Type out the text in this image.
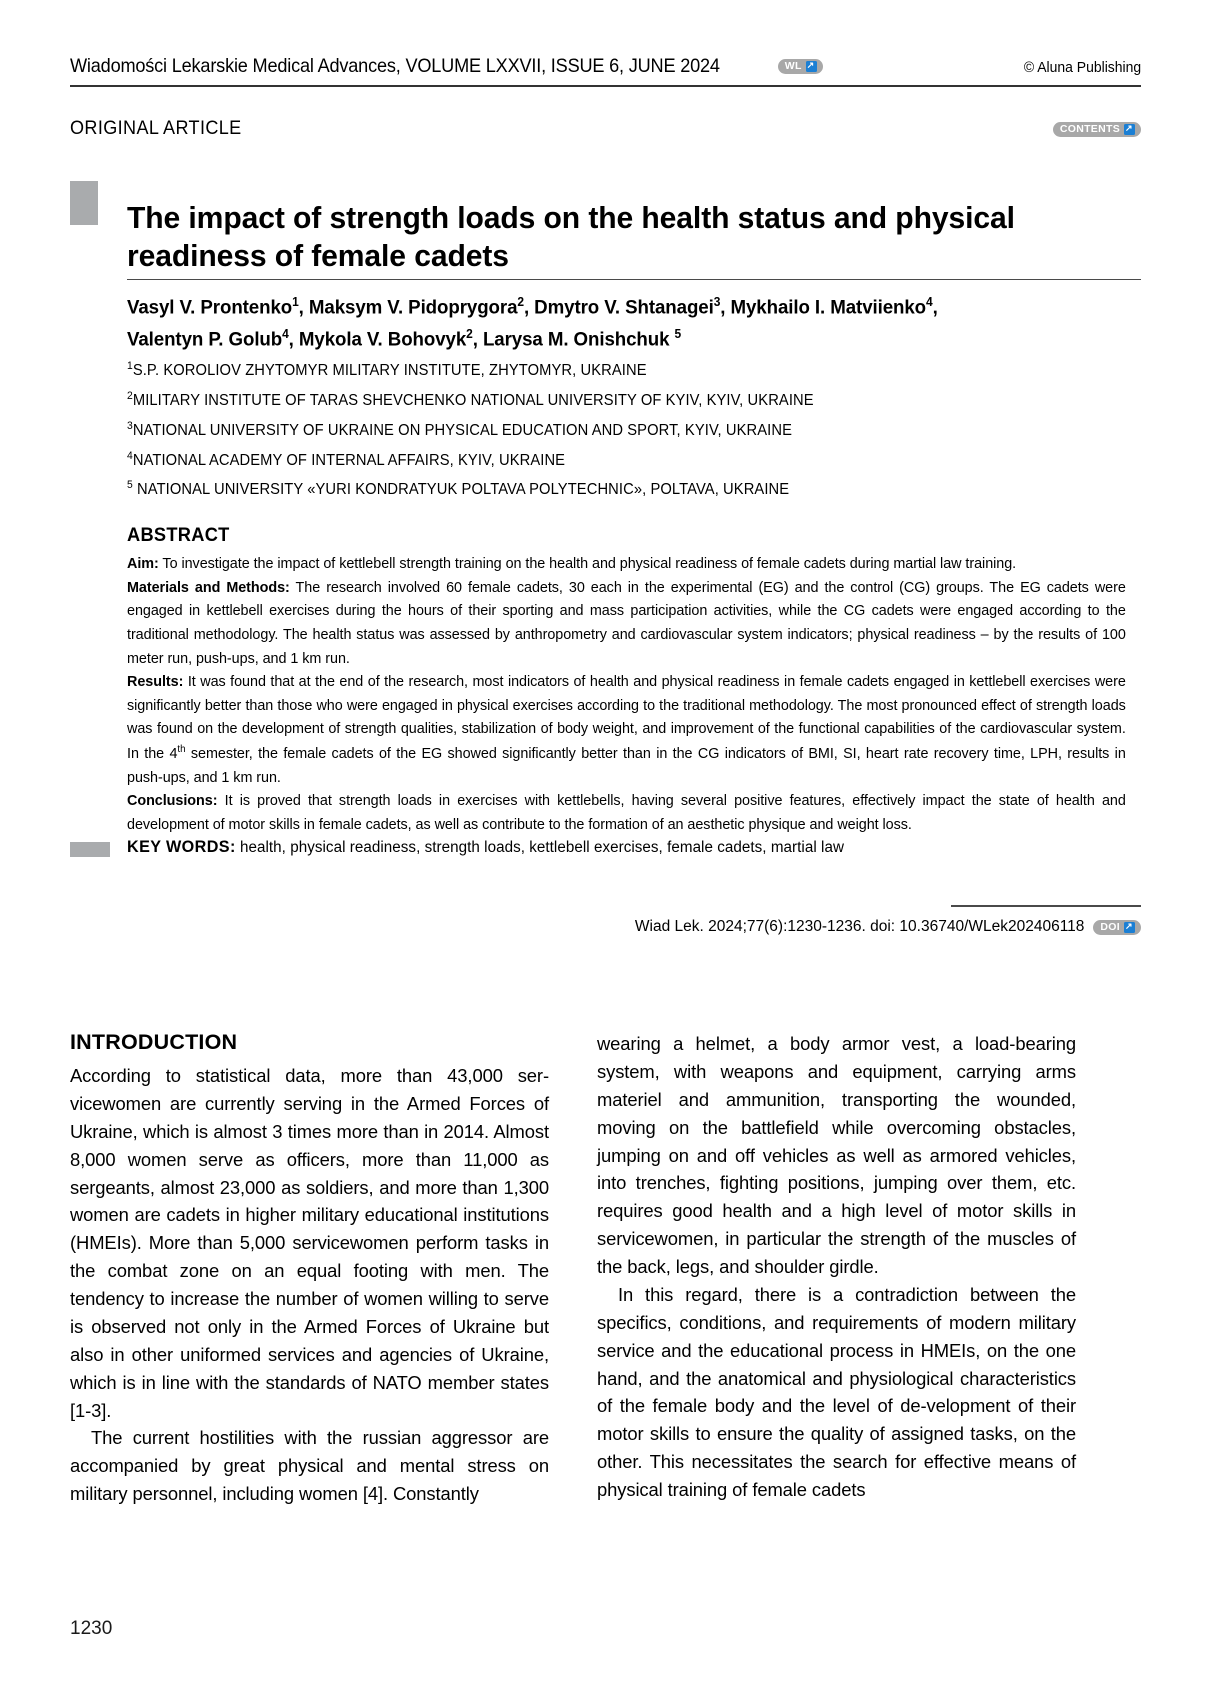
Wiadomości Lekarskie Medical Advances, VOLUME LXXVII, ISSUE 6, JUNE 2024	WL ↗	© Aluna Publishing
ORIGINAL ARTICLE	CONTENTS
↗
The impact of strength loads on the health status and physical readiness of female cadets
Vasyl V. Prontenko$^1$, Maksym V. Pidoprygora$^2$, Dmytro V. Shtanagei$^3$, Mykhailo I. Matviienko$^4$,
Valentyn P. Golub$^4$, Mykola V. Bohovyk$^2$, Larysa M. Onishchuk $^5$
$^1$S.P. KOROLIOV ZHYTOMYR MILITARY INSTITUTE, ZHYTOMYR, UKRAINE
$^2$MILITARY INSTITUTE OF TARAS SHEVCHENKO NATIONAL UNIVERSITY OF KYIV, KYIV, UKRAINE
$^3$NATIONAL UNIVERSITY OF UKRAINE ON PHYSICAL EDUCATION AND SPORT, KYIV, UKRAINE
$^4$NATIONAL ACADEMY OF INTERNAL AFFAIRS, KYIV, UKRAINE
$^5$ NATIONAL UNIVERSITY «YURI KONDRATYUK POLTAVA POLYTECHNIC», POLTAVA, UKRAINE
ABSTRACT

Aim: To investigate the impact of kettlebell strength training on the health and physical readiness of female cadets during martial law training.

Materials and Methods: The research involved 60 female cadets, 30 each in the experimental (EG) and the control (CG) groups. The EG cadets were engaged in kettlebell exercises during the hours of their sporting and mass participation activities, while the CG cadets were engaged according to the traditional methodology. The health status was assessed by anthropometry and cardiovascular system indicators; physical readiness – by the results of 100 meter run, push-ups, and 1 km run.

Results: It was found that at the end of the research, most indicators of health and physical readiness in female cadets engaged in kettlebell exercises were significantly better than those who were engaged in physical exercises according to the traditional methodology. The most pronounced effect of strength loads was found on the development of strength qualities, stabilization of body weight, and improvement of the functional capabilities of the cardiovascular system. In the 4th semester, the female cadets of the EG showed significantly better than in the CG indicators of BMI, SI, heart rate recovery time, LPH, results in push-ups, and 1 km run.

Conclusions: It is proved that strength loads in exercises with kettlebells, having several positive features, effectively impact the state of health and development of motor skills in female cadets, as well as contribute to the formation of an aesthetic physique and weight loss.

KEY WORDS: health, physical readiness, strength loads, kettlebell exercises, female cadets, martial law
Wiad Lek. 2024;77(6):1230-1236. doi: 10.36740/WLek202406118 DOI
↗
INTRODUCTION

According to statistical data, more than 43,000 ser-vicewomen are currently serving in the Armed Forces of Ukraine, which is almost 3 times more than in 2014. Almost 8,000 women serve as officers, more than 11,000 as sergeants, almost 23,000 as soldiers, and more than 1,300 women are cadets in higher military educational institutions (HMEIs). More than 5,000 servicewomen perform tasks in the combat zone on an equal footing with men. The tendency to increase the number of women willing to serve is observed not only in the Armed Forces of Ukraine but also in other uniformed services and agencies of Ukraine, which is in line with the standards of NATO member states [1-3].

The current hostilities with the russian aggressor are accompanied by great physical and mental stress on military personnel, including women [4]. Constantly

wearing a helmet, a body armor vest, a load-bearing system, with weapons and equipment, carrying arms materiel and ammunition, transporting the wounded, moving on the battlefield while overcoming obstacles, jumping on and off vehicles as well as armored vehicles, into trenches, fighting positions, jumping over them, etc. requires good health and a high level of motor skills in servicewomen, in particular the strength of the muscles of the back, legs, and shoulder girdle.

In this regard, there is a contradiction between the specifics, conditions, and requirements of modern military service and the educational process in HMEIs, on the one hand, and the anatomical and physiological characteristics of the female body and the level of de-velopment of their motor skills to ensure the quality of assigned tasks, on the other. This necessitates the search for effective means of physical training of female cadets

1230
